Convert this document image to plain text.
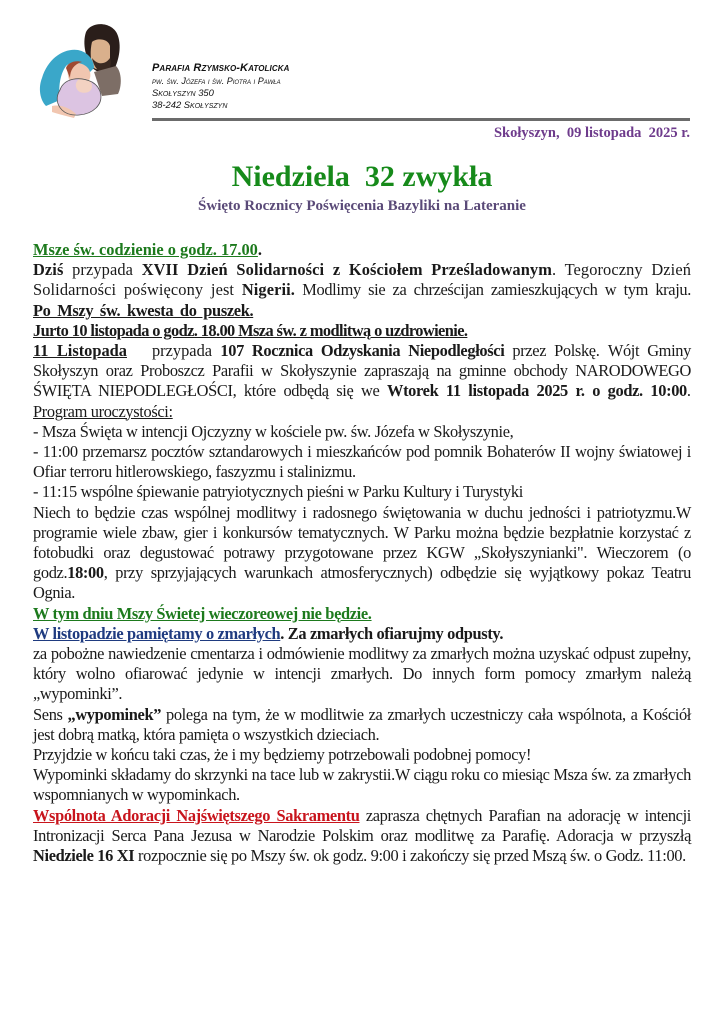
Parafia Rzymsko-Katolicka
pw. św. Józefa i św. Piotra i Pawła
Skołyszyn 350
38-242 Skołyszyn
Skołyszyn,  09 listopada  2025 r.
Niedziela  32 zwykła
Święto Rocznicy Poświęcenia Bazyliki na Lateranie

Msze św. codzienie o godz. 17.00.

Dziś przypada XVII Dzień Solidarności z Kościołem Prześladowanym. Tegoroczny Dzień Solidarności poświęcony jest Nigerii. Modlimy sie za chrześcijan zamieszkujących w tym kraju. Po Mszy św. kwesta do puszek.

Jurto 10 listopada o godz. 18.00 Msza św. z modlitwą o uzdrowienie.

11 Listopada   przypada 107 Rocznica Odzyskania Niepodległości przez Polskę. Wójt Gminy Skołyszyn oraz Proboszcz Parafii w Skołyszynie zapraszają na gminne obchody NARODOWEGO ŚWIĘTA NIEPODLEGŁOŚCI, które odbędą się we Wtorek 11 listopada 2025 r. o godz. 10:00. Program uroczystości:

- Msza Święta w intencji Ojczyzny w kościele pw. św. Józefa w Skołyszynie,

- 11:00 przemarsz pocztów sztandarowych i mieszkańców pod pomnik Bohaterów II wojny światowej i Ofiar terroru hitlerowskiego, faszyzmu i stalinizmu.

- 11:15 wspólne śpiewanie patryiotycznych pieśni w Parku Kultury i Turystyki

Niech to będzie czas wspólnej modlitwy i radosnego świętowania w duchu jedności i patriotyzmu.W programie wiele zbaw, gier i konkursów tematycznych. W Parku można będzie bezpłatnie korzystać z fotobudki oraz degustować potrawy przygotowane przez KGW „Skołyszynianki". Wieczorem (o godz.18:00, przy sprzyjających warunkach atmosferycznych) odbędzie się wyjątkowy pokaz Teatru Ognia.

W tym dniu Mszy Świetej wieczoreowej nie będzie.

W listopadzie pamiętamy o zmarłych. Za zmarłych ofiarujmy odpusty.

za pobożne nawiedzenie cmentarza i odmówienie modlitwy za zmarłych można uzyskać odpust zupełny, który wolno ofiarować jedynie w intencji zmarłych. Do innych form pomocy zmarłym należą „wypominki”.

Sens „wypominek” polega na tym, że w modlitwie za zmarłych uczestniczy cała wspólnota, a Kościół jest dobrą matką, która pamięta o wszystkich dzieciach.

Przyjdzie w końcu taki czas, że i my będziemy potrzebowali podobnej pomocy!

Wypominki składamy do skrzynki na tace lub w zakrystii.W ciągu roku co miesiąc Msza św. za zmarłych wspomnianych w wypominkach.

Wspólnota Adoracji Najświętszego Sakramentu zaprasza chętnych Parafian na adorację w intencji Intronizacji Serca Pana Jezusa w Narodzie Polskim oraz modlitwę za Parafię. Adoracja w przyszłą Niedziele 16 XI rozpocznie się po Mszy św. ok godz. 9:00 i zakończy się przed Mszą św. o Godz. 11:00.
